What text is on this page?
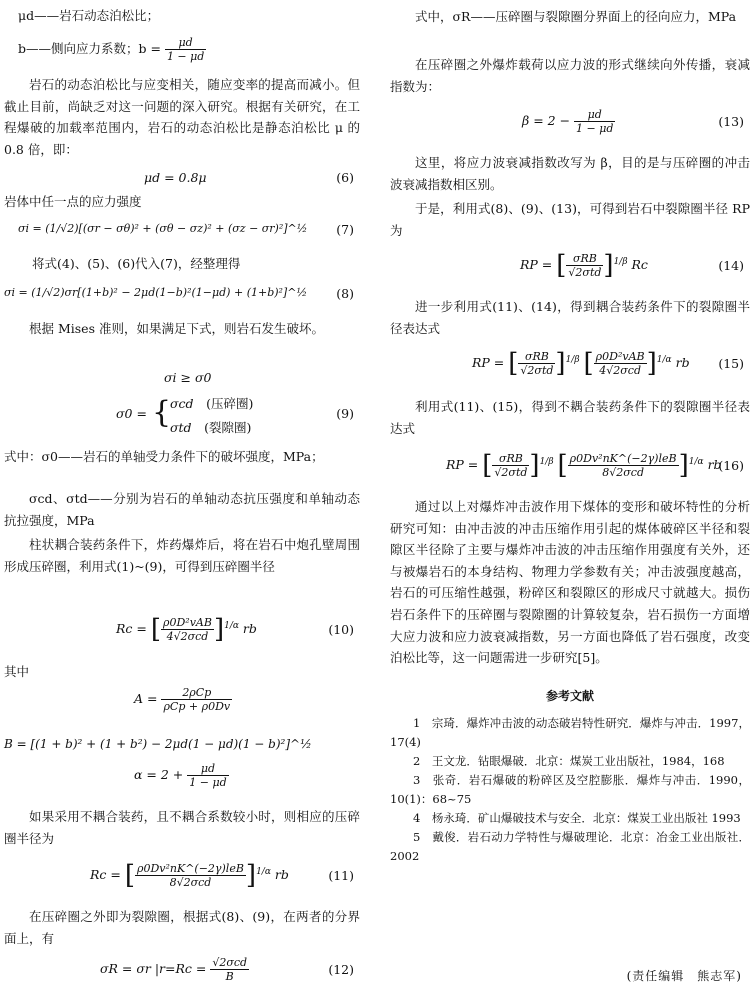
μd——岩石动态泊松比；
b——侧向应力系数；$b = \frac{\mu d}{1 - \mu d}$
岩石的动态泊松比与应变相关，随应变率的提高而减小。但截止目前，尚缺乏对这一问题的深入研究。根据有关研究，在工程爆破的加载率范围内，岩石的动态泊松比是静态泊松比 μ 的 0.8 倍，即：
μd = 0.8μ	(6)
岩体中任一点的应力强度
σi = (1/√2)[(σr − σθ)² + (σθ − σz)² + (σz − σr)²]^½ (7)
将式(4)、(5)、(6)代入(7)，经整理得
σi = (1/√2)σr[(1+b)² − 2μd(1−b)²(1−μd) + (1+b)²]^½ (8)
根据 Mises 准则，如果满足下式，则岩石发生破坏。
σi ≥ σ0
σ0 = {
σcd　 (压碎圈)
σtd　 (裂隙圈)
(9)
式中：σ0——岩石的单轴受力条件下的破坏强度，MPa；
σcd、σtd——分别为岩石的单轴动态抗压强度和单轴动态抗拉强度，MPa
柱状耦合装药条件下，炸药爆炸后，将在岩石中炮孔壁周围形成压碎圈，利用式(1)~(9)，可得到压碎圈半径
Rc = [ $\frac{\text{ρ0D²vAB}}{\text{4√2σcd}} ]^{1/\alpha}$ rb	(10)
其中
$A = \frac{\text{2ρCp}}{\text{ρCp + ρ0Dv}}$
B = [(1 + b)² + (1 + b²) − 2μd(1 − μd)(1 − b)²]^½
$\alpha = 2 + \frac{\mu d}{1 - \mu d}$
如果采用不耦合装药，且不耦合系数较小时，则相应的压碎圈半径为
Rc = [ $\frac{\text{ρ0Dv²nK\textasciicircum{}(−2γ)leB}}{\text{8√2σcd}} ]^{1/\alpha}$ rb	(11)
在压碎圈之外即为裂隙圈，根据式(8)、(9)，在两者的分界面上，有
σR = σr $|r=Rc = \frac{\text{√2σcd}}{B}$	(12)
式中，σR——压碎圈与裂隙圈分界面上的径向应力，MPa
在压碎圈之外爆炸载荷以应力波的形式继续向外传播，衰减指数为：
$\beta = 2 - \frac{\mu d}{1 - \mu d}$	(13)
这里，将应力波衰减指数改写为 β，目的是与压碎圈的冲击波衰减指数相区别。
于是，利用式(8)、(9)、(13)，可得到岩石中裂隙圈半径 RP 为
RP = [ $\frac{\text{σRB}}{\text{√2σtd}} ]^{1/\beta}$ Rc	(14)
进一步利用式(11)、(14)，得到耦合装药条件下的裂隙圈半径表达式
RP = [ $\frac{\text{σRB}}{\text{√2σtd}} ]^{1/\beta}$ [ $\frac{\text{ρ0D²vAB}}{\text{4√2σcd}} ]^{1/\alpha}$ rb (15)
利用式(11)、(15)，得到不耦合装药条件下的裂隙圈半径表达式
RP = [ $\frac{\text{σRB}}{\text{√2σtd}} ]^{1/\beta}$ [ $\frac{\text{ρ0Dv²nK\textasciicircum{}(−2γ)leB}}{\text{8√2σcd}} ]^{1/\alpha}$ rb
(16)
通过以上对爆炸冲击波作用下煤体的变形和破坏特性的分析研究可知：由冲击波的冲击压缩作用引起的煤体破碎区半径和裂隙区半径除了主要与爆炸冲击波的冲击压缩作用强度有关外，还与被爆岩石的本身结构、物理力学参数有关；冲击波强度越高，岩石的可压缩性越强，粉碎区和裂隙区的形成尺寸就越大。损伤岩石条件下的压碎圈与裂隙圈的计算较复杂，岩石损伤一方面增大应力波和应力波衰减指数，另一方面也降低了岩石强度，改变泊松比等，这一问题需进一步研究[5]。
参考文献
1　宗琦．爆炸冲击波的动态破岩特性研究．爆炸与冲击．1997，17(4)
2　王文龙．钻眼爆破．北京：煤炭工业出版社，1984，168
3　张奇．岩石爆破的粉碎区及空腔膨胀．爆炸与冲击．1990，10(1)：68~75
4　杨永琦．矿山爆破技术与安全．北京：煤炭工业出版社 1993
5　戴俊．岩石动力学特性与爆破理论．北京：冶金工业出版社．2002
(责任编辑　熊志军)
